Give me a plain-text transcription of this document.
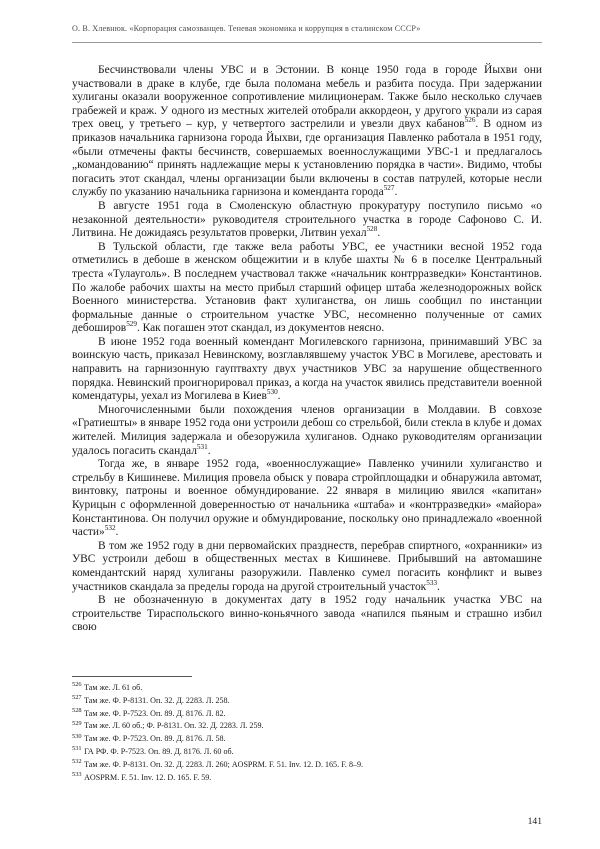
О. В. Хлевнюк. «Корпорация самозванцев. Теневая экономика и коррупция в сталинском СССР»

Бесчинствовали члены УВС и в Эстонии. В конце 1950 года в городе Йыхви они участвовали в драке в клубе, где была поломана мебель и разбита посуда. При задержании хулиганы оказали вооруженное сопротивление милиционерам. Также было несколько случаев грабежей и краж. У одного из местных жителей отобрали аккордеон, у другого украли из сарая трех овец, у третьего – кур, у четвертого застрелили и увезли двух кабанов$^{526}$. В одном из приказов начальника гарнизона города Йыхви, где организация Павленко работала в 1951 году, «были отмечены факты бесчинств, совершаемых военнослужащими УВС-1 и предлагалось „командованию“ принять надлежащие меры к установлению порядка в части». Видимо, чтобы погасить этот скандал, члены организации были включены в состав патрулей, которые несли службу по указанию начальника гарнизона и коменданта города$^{527}$.

В августе 1951 года в Смоленскую областную прокуратуру поступило письмо «о незаконной деятельности» руководителя строительного участка в городе Сафоново С. И. Литвина. Не дожидаясь результатов проверки, Литвин уехал$^{528}$.

В Тульской области, где также вела работы УВС, ее участники весной 1952 года отметились в дебоше в женском общежитии и в клубе шахты № 6 в поселке Центральный треста «Тулауголь». В последнем участвовал также «начальник контрразведки» Константинов. По жалобе рабочих шахты на место прибыл старший офицер штаба железнодорожных войск Военного министерства. Установив факт хулиганства, он лишь сообщил по инстанции формальные данные о строительном участке УВС, несомненно полученные от самих дебоширов$^{529}$. Как погашен этот скандал, из документов неясно.

В июне 1952 года военный комендант Могилевского гарнизона, принимавший УВС за воинскую часть, приказал Невинскому, возглавлявшему участок УВС в Могилеве, арестовать и направить на гарнизонную гауптвахту двух участников УВС за нарушение общественного порядка. Невинский проигнорировал приказ, а когда на участок явились представители военной комендатуры, уехал из Могилева в Киев$^{530}$.

Многочисленными были похождения членов организации в Молдавии. В совхозе «Гратиешты» в январе 1952 года они устроили дебош со стрельбой, били стекла в клубе и домах жителей. Милиция задержала и обезоружила хулиганов. Однако руководителям организации удалось погасить скандал$^{531}$.

Тогда же, в январе 1952 года, «военнослужащие» Павленко учинили хулиганство и стрельбу в Кишиневе. Милиция провела обыск у повара стройплощадки и обнаружила автомат, винтовку, патроны и военное обмундирование. 22 января в милицию явился «капитан» Курицын с оформленной доверенностью от начальника «штаба» и «контрразведки» «майора» Константинова. Он получил оружие и обмундирование, поскольку оно принадлежало «военной части»$^{532}$.

В том же 1952 году в дни первомайских празднеств, перебрав спиртного, «охранники» из УВС устроили дебош в общественных местах в Кишиневе. Прибывший на автомашине комендантский наряд хулиганы разоружили. Павленко сумел погасить конфликт и вывез участников скандала за пределы города на другой строительный участок$^{533}$.

В не обозначенную в документах дату в 1952 году начальник участка УВС на строительстве Тираспольского винно-коньячного завода «напился пьяным и страшно избил свою

$^{526}$ Там же. Л. 61 об.

$^{527}$ Там же. Ф. Р-8131. Оп. 32. Д. 2283. Л. 258.

$^{528}$ Там же. Ф. Р-7523. Оп. 89. Д. 8176. Л. 82.

$^{529}$ Там же. Л. 60 об.; Ф. Р-8131. Оп. 32. Д. 2283. Л. 259.

$^{530}$ Там же. Ф. Р-7523. Оп. 89. Д. 8176. Л. 58.

$^{531}$ ГА РФ. Ф. Р-7523. Оп. 89. Д. 8176. Л. 60 об.

$^{532}$ Там же. Ф. Р-8131. Оп. 32. Д. 2283. Л. 260; AOSPRM. F. 51. Inv. 12. D. 165. F. 8–9.

$^{533}$ AOSPRM. F. 51. Inv. 12. D. 165. F. 59.

141
